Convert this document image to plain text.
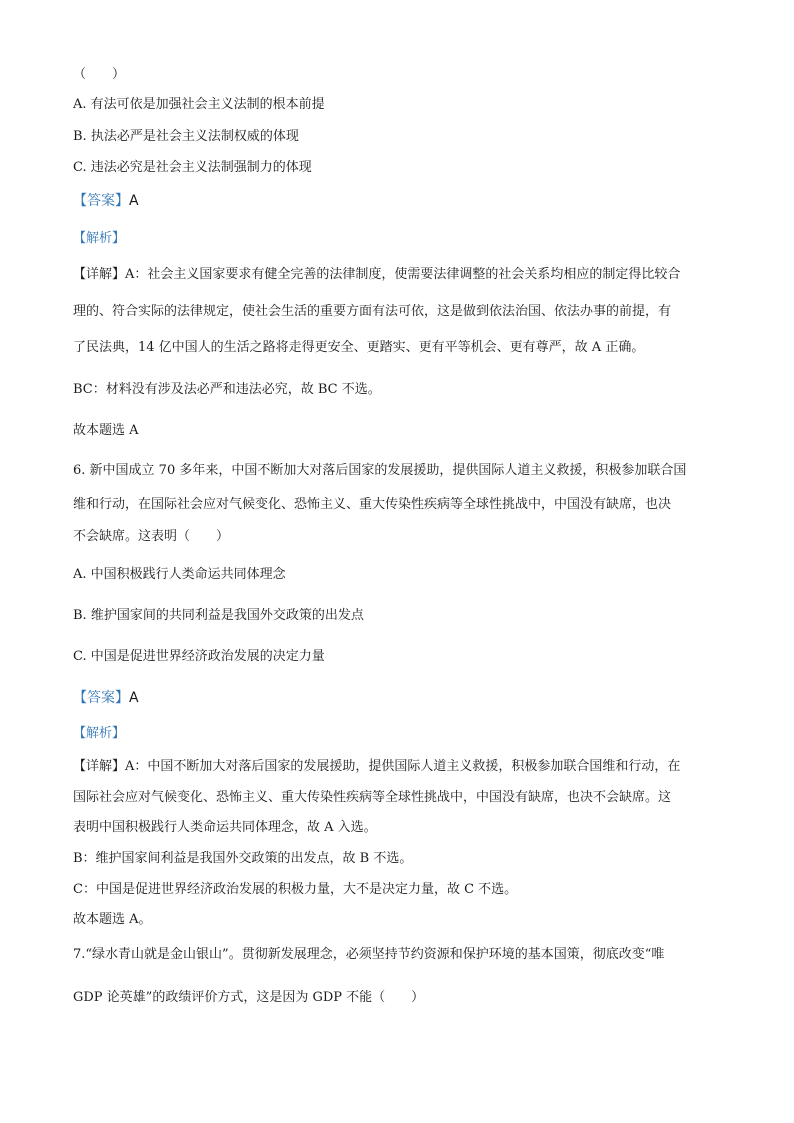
（　　）
A. 有法可依是加强社会主义法制的根本前提
B. 执法必严是社会主义法制权威的体现
C. 违法必究是社会主义法制强制力的体现
【答案】A
【解析】
【详解】A：社会主义国家要求有健全完善的法律制度，使需要法律调整的社会关系均相应的制定得比较合
理的、符合实际的法律规定，使社会生活的重要方面有法可依，这是做到依法治国、依法办事的前提，有
了民法典，14 亿中国人的生活之路将走得更安全、更踏实、更有平等机会、更有尊严，故 A 正确。
BC：材料没有涉及法必严和违法必究，故 BC 不选。
故本题选 A
6. 新中国成立 70 多年来，中国不断加大对落后国家的发展援助，提供国际人道主义救援，积极参加联合国
维和行动，在国际社会应对气候变化、恐怖主义、重大传染性疾病等全球性挑战中，中国没有缺席，也决
不会缺席。这表明（　　）
A. 中国积极践行人类命运共同体理念
B. 维护国家间的共同利益是我国外交政策的出发点
C. 中国是促进世界经济政治发展的决定力量
【答案】A
【解析】
【详解】A：中国不断加大对落后国家的发展援助，提供国际人道主义救援，积极参加联合国维和行动，在
国际社会应对气候变化、恐怖主义、重大传染性疾病等全球性挑战中，中国没有缺席，也决不会缺席。这
表明中国积极践行人类命运共同体理念，故 A 入选。
B：维护国家间利益是我国外交政策的出发点，故 B 不选。
C：中国是促进世界经济政治发展的积极力量，大不是决定力量，故 C 不选。
故本题选 A。
7.“绿水青山就是金山银山”。贯彻新发展理念，必须坚持节约资源和保护环境的基本国策，彻底改变“唯
GDP 论英雄”的政绩评价方式，这是因为 GDP 不能（　　）
